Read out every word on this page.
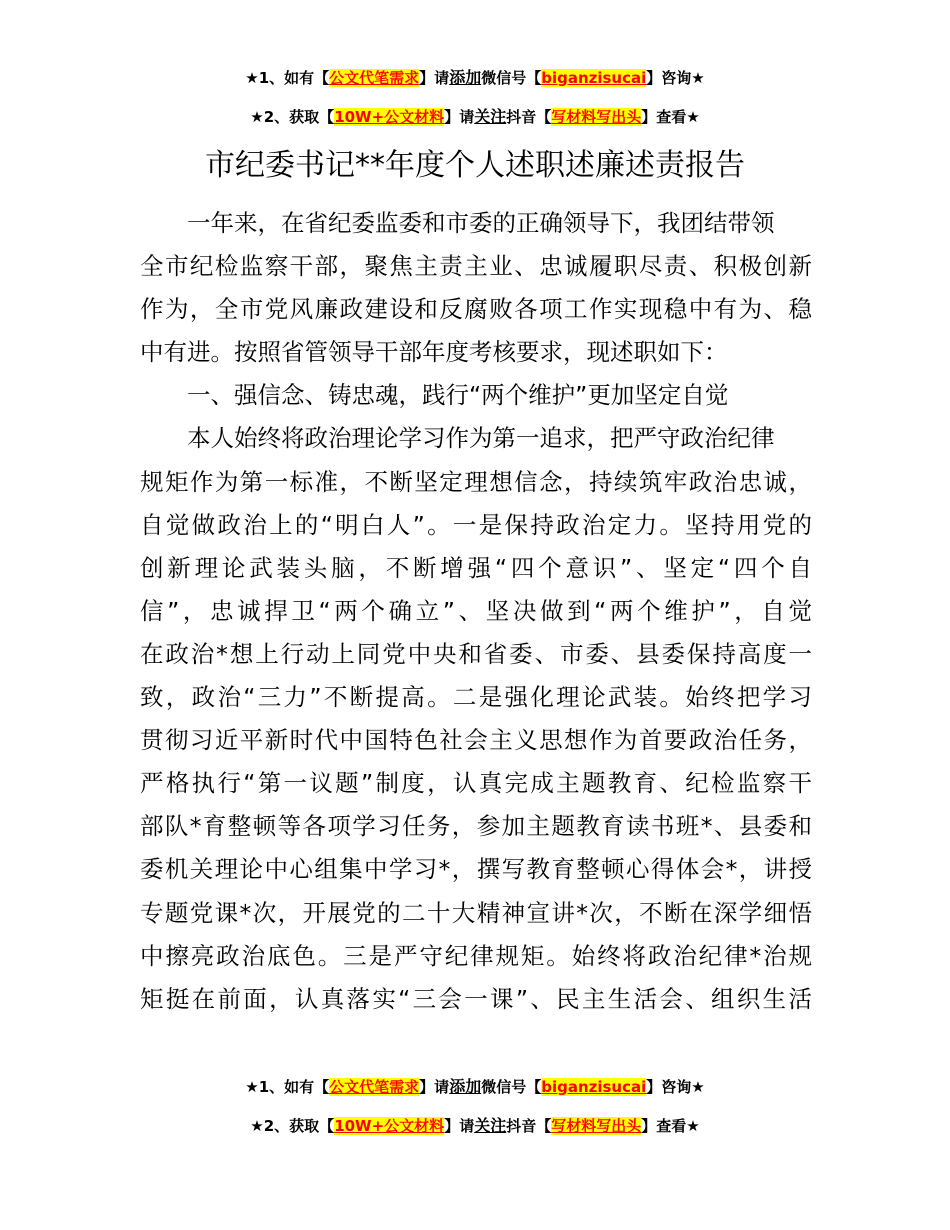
★1、如有【公文代笔需求】请添加微信号【biganzisucai】咨询★
★2、获取【10W+公文材料】请关注抖音【写材料写出头】查看★
市纪委书记**年度个人述职述廉述责报告
一年来，在省纪委监委和市委的正确领导下，我团结带领
全市纪检监察干部，聚焦主责主业、忠诚履职尽责、积极创新
作为，全市党风廉政建设和反腐败各项工作实现稳中有为、稳
中有进。按照省管领导干部年度考核要求，现述职如下：
一、强信念、铸忠魂，践行“两个维护”更加坚定自觉
本人始终将政治理论学习作为第一追求，把严守政治纪律
规矩作为第一标准，不断坚定理想信念，持续筑牢政治忠诚，
自觉做政治上的“明白人”。一是保持政治定力。坚持用党的
创新理论武装头脑，不断增强“四个意识”、坚定“四个自
信”，忠诚捍卫“两个确立”、坚决做到“两个维护”，自觉
在政治*想上行动上同党中央和省委、市委、县委保持高度一
致，政治“三力”不断提高。二是强化理论武装。始终把学习
贯彻习近平新时代中国特色社会主义思想作为首要政治任务，
严格执行“第一议题”制度，认真完成主题教育、纪检监察干
部队*育整顿等各项学习任务，参加主题教育读书班*、县委和
委机关理论中心组集中学习*，撰写教育整顿心得体会*，讲授
专题党课*次，开展党的二十大精神宣讲*次，不断在深学细悟
中擦亮政治底色。三是严守纪律规矩。始终将政治纪律*治规
矩挺在前面，认真落实“三会一课”、民主生活会、组织生活
★1、如有【公文代笔需求】请添加微信号【biganzisucai】咨询★
★2、获取【10W+公文材料】请关注抖音【写材料写出头】查看★
